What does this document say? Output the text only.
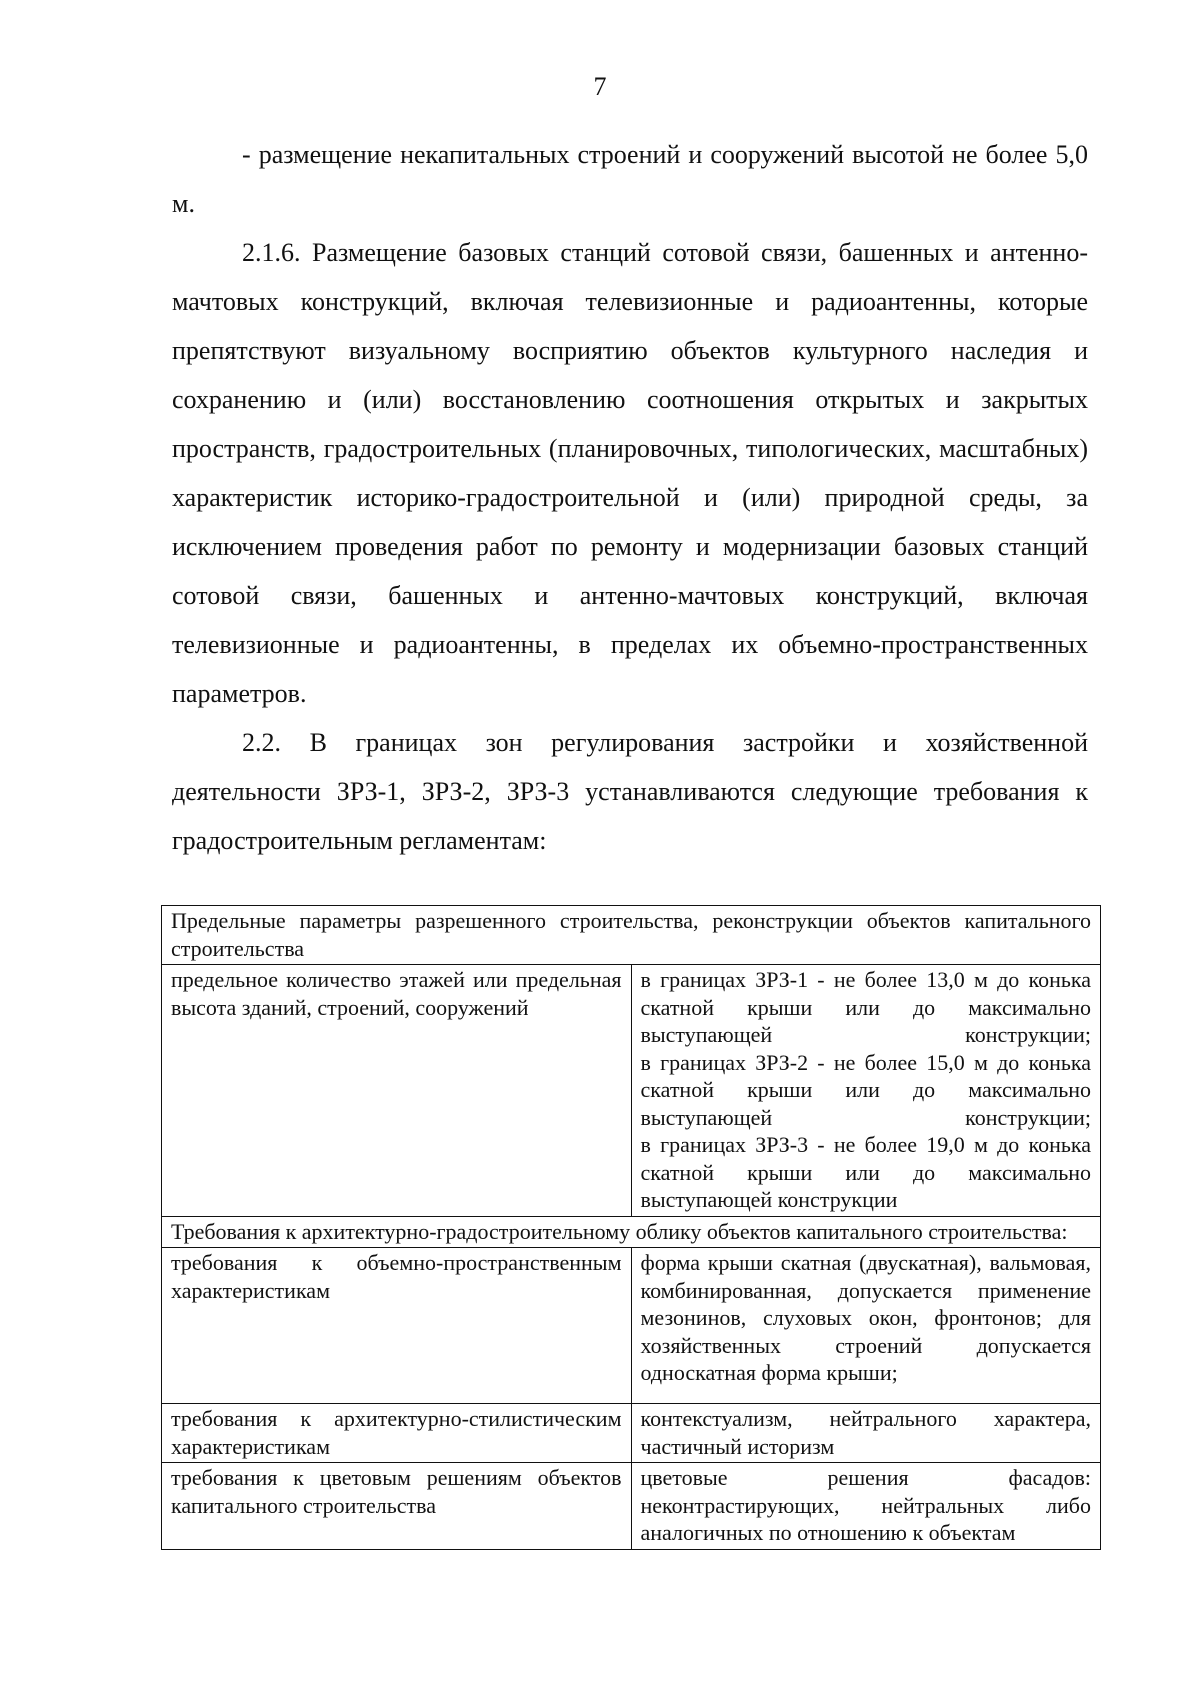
7

- размещение некапитальных строений и сооружений высотой не более 5,0 м.

2.1.6. Размещение базовых станций сотовой связи, башенных и антенно-мачтовых конструкций, включая телевизионные и радиоантенны, которые препятствуют визуальному восприятию объектов культурного наследия и сохранению и (или) восстановлению соотношения открытых и закрытых пространств, градостроительных (планировочных, типологических, масштабных) характеристик историко-градостроительной и (или) природной среды, за исключением проведения работ по ремонту и модернизации базовых станций сотовой связи, башенных и антенно-мачтовых конструкций, включая телевизионные и радиоантенны, в пределах их объемно-пространственных параметров.

2.2. В границах зон регулирования застройки и хозяйственной деятельности ЗРЗ-1, ЗРЗ-2, ЗРЗ-3 устанавливаются следующие требования к градостроительным регламентам:

Предельные параметры разрешенного строительства, реконструкции объектов капитального строительства	
предельное количество этажей или предельная высота зданий, строений, сооружений	в границах ЗРЗ-1 - не более 13,0 м до конька скатной крыши или до максимально выступающей конструкции;
в границах ЗРЗ-2 - не более 15,0 м до конька скатной крыши или до максимально выступающей конструкции;
в границах ЗРЗ-3 - не более 19,0 м до конька скатной крыши или до максимально выступающей конструкции

Требования к архитектурно-градостроительному облику объектов капитального строительства:	
требования к объемно-пространственным характеристикам	форма крыши скатная (двускатная), вальмовая, комбинированная, допускается применение мезонинов, слуховых окон, фронтонов; для хозяйственных строений допускается односкатная форма крыши;
требования к архитектурно-стилистическим характеристикам	контекстуализм, нейтрального характера, частичный историзм
требования к цветовым решениям объектов капитального строительства	цветовые решения фасадов: неконтрастирующих, нейтральных либо аналогичных по отношению к объектам
